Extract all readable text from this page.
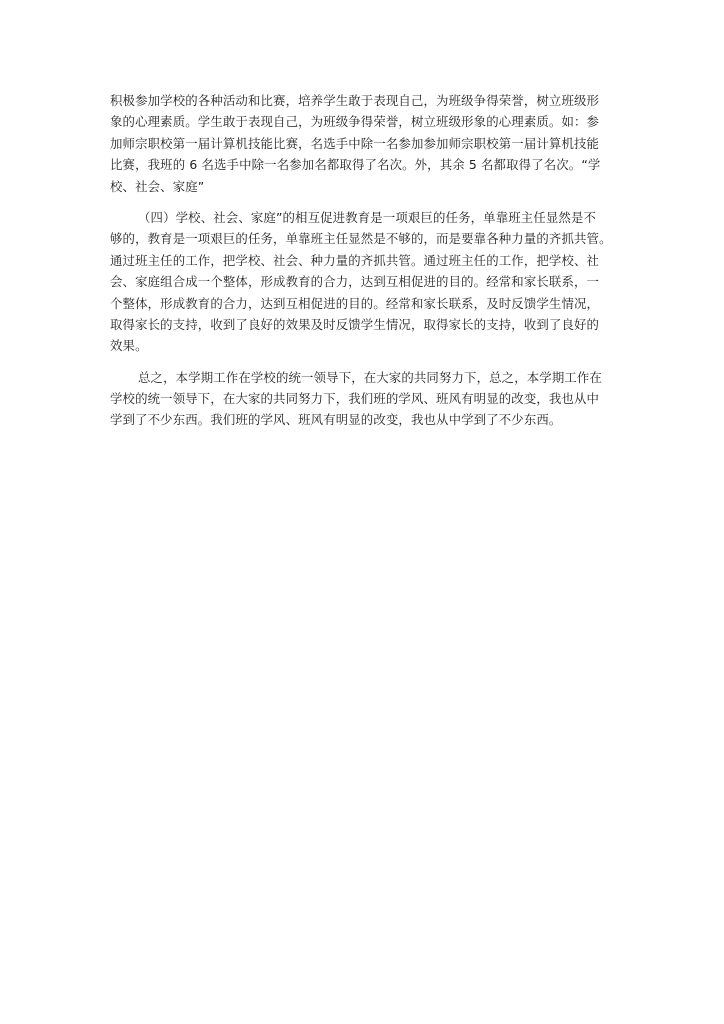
积极参加学校的各种活动和比赛，培养学生敢于表现自己，为班级争得荣誉，树立班级形
象的心理素质。学生敢于表现自己，为班级争得荣誉，树立班级形象的心理素质。如：参
加师宗职校第一届计算机技能比赛，名选手中除一名参加参加师宗职校第一届计算机技能
比赛，我班的 6 名选手中除一名参加名都取得了名次。外，其余 5 名都取得了名次。“学
校、社会、家庭”
（四）学校、社会、家庭”的相互促进教育是一项艰巨的任务，单靠班主任显然是不
够的，教育是一项艰巨的任务，单靠班主任显然是不够的，而是要靠各种力量的齐抓共管。
通过班主任的工作，把学校、社会、种力量的齐抓共管。通过班主任的工作，把学校、社
会、家庭组合成一个整体，形成教育的合力，达到互相促进的目的。经常和家长联系，一
个整体，形成教育的合力，达到互相促进的目的。经常和家长联系，及时反馈学生情况，
取得家长的支持，收到了良好的效果及时反馈学生情况，取得家长的支持，收到了良好的
效果。
总之，本学期工作在学校的统一领导下，在大家的共同努力下，总之，本学期工作在
学校的统一领导下，在大家的共同努力下，我们班的学风、班风有明显的改变，我也从中
学到了不少东西。我们班的学风、班风有明显的改变，我也从中学到了不少东西。
